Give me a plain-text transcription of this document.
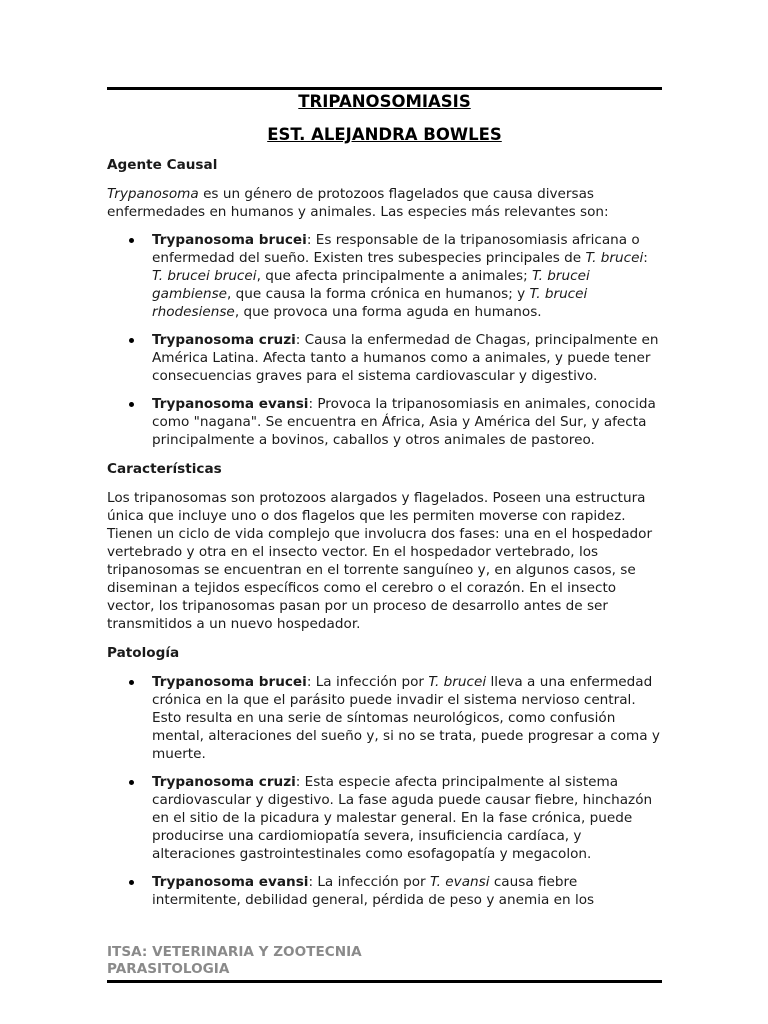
TRIPANOSOMIASIS
EST. ALEJANDRA BOWLES
Agente Causal

Trypanosoma es un género de protozoos flagelados que causa diversas enfermedades en humanos y animales. Las especies más relevantes son:

Trypanosoma brucei: Es responsable de la tripanosomiasis africana o enfermedad del sueño. Existen tres subespecies principales de T. brucei: T. brucei brucei, que afecta principalmente a animales; T. brucei gambiense, que causa la forma crónica en humanos; y T. brucei rhodesiense, que provoca una forma aguda en humanos.
Trypanosoma cruzi: Causa la enfermedad de Chagas, principalmente en América Latina. Afecta tanto a humanos como a animales, y puede tener consecuencias graves para el sistema cardiovascular y digestivo.
Trypanosoma evansi: Provoca la tripanosomiasis en animales, conocida como "nagana". Se encuentra en África, Asia y América del Sur, y afecta principalmente a bovinos, caballos y otros animales de pastoreo.
Características

Los tripanosomas son protozoos alargados y flagelados. Poseen una estructura única que incluye uno o dos flagelos que les permiten moverse con rapidez. Tienen un ciclo de vida complejo que involucra dos fases: una en el hospedador vertebrado y otra en el insecto vector. En el hospedador vertebrado, los tripanosomas se encuentran en el torrente sanguíneo y, en algunos casos, se diseminan a tejidos específicos como el cerebro o el corazón. En el insecto vector, los tripanosomas pasan por un proceso de desarrollo antes de ser transmitidos a un nuevo hospedador.

Patología
Trypanosoma brucei: La infección por T. brucei lleva a una enfermedad crónica en la que el parásito puede invadir el sistema nervioso central. Esto resulta en una serie de síntomas neurológicos, como confusión mental, alteraciones del sueño y, si no se trata, puede progresar a coma y muerte.
Trypanosoma cruzi: Esta especie afecta principalmente al sistema cardiovascular y digestivo. La fase aguda puede causar fiebre, hinchazón en el sitio de la picadura y malestar general. En la fase crónica, puede producirse una cardiomiopatía severa, insuficiencia cardíaca, y alteraciones gastrointestinales como esofagopatía y megacolon.
Trypanosoma evansi: La infección por T. evansi causa fiebre intermitente, debilidad general, pérdida de peso y anemia en los
ITSA: VETERINARIA Y ZOOTECNIA
PARASITOLOGIA
